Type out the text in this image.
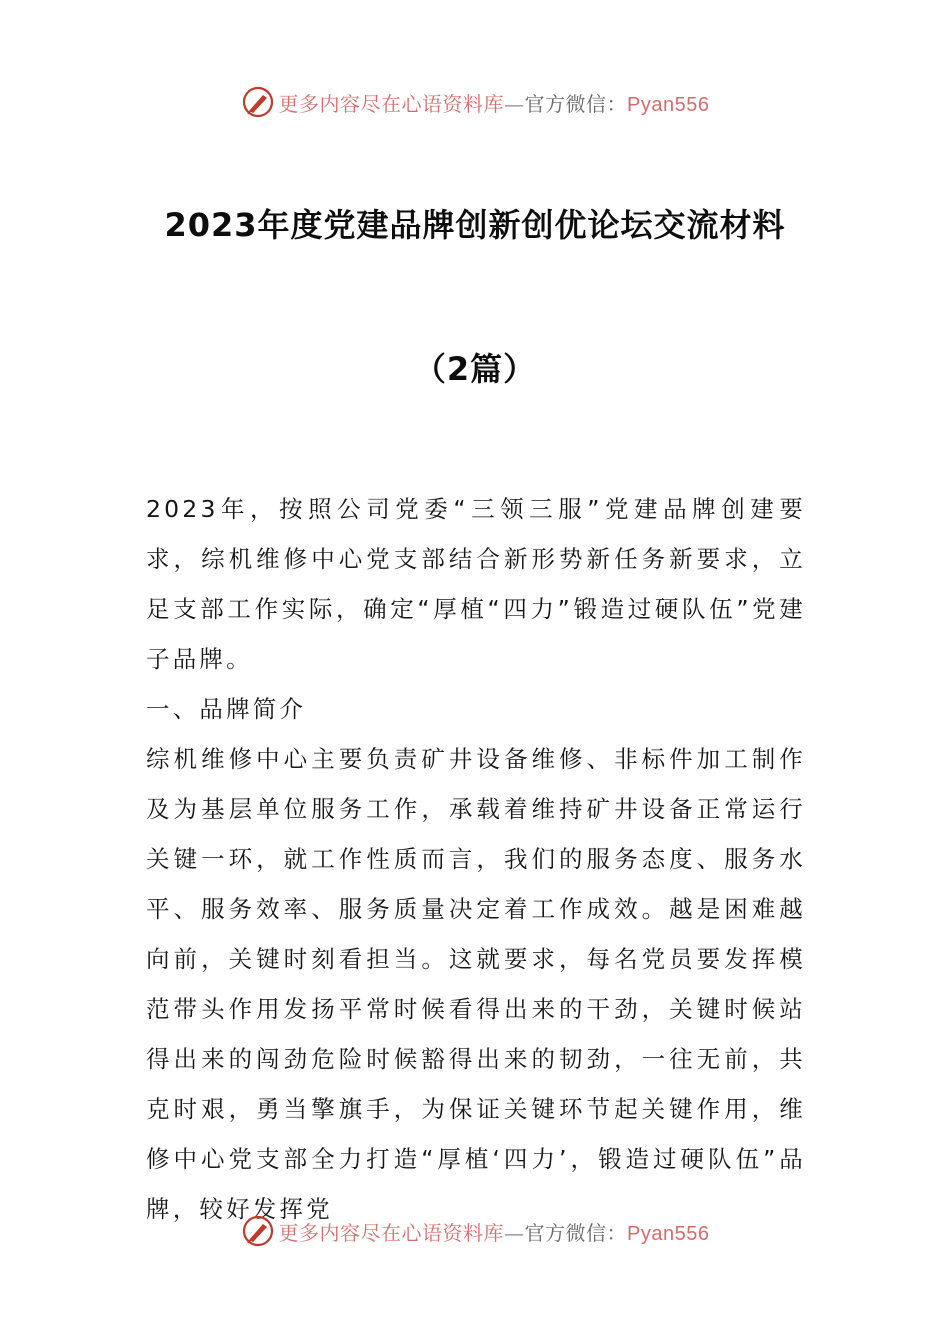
更多内容尽在心语资料库—官方微信：Pyan556
2023年度党建品牌创新创优论坛交流材料
（2篇）

2023年，按照公司党委“三领三服”党建品牌创建要求，综机维修中心党支部结合新形势新任务新要求，立足支部工作实际，确定“厚植“四力”锻造过硬队伍”党建子品牌。

一、品牌简介

综机维修中心主要负责矿井设备维修、非标件加工制作及为基层单位服务工作，承载着维持矿井设备正常运行关键一环，就工作性质而言，我们的服务态度、服务水平、服务效率、服务质量决定着工作成效。越是困难越向前，关键时刻看担当。这就要求，每名党员要发挥模范带头作用发扬平常时候看得出来的干劲，关键时候站得出来的闯劲危险时候豁得出来的韧劲，一往无前，共克时艰，勇当擎旗手，为保证关键环节起关键作用，维修中心党支部全力打造“厚植‘四力’，锻造过硬队伍”品牌，较好发挥党

更多内容尽在心语资料库—官方微信：Pyan556
